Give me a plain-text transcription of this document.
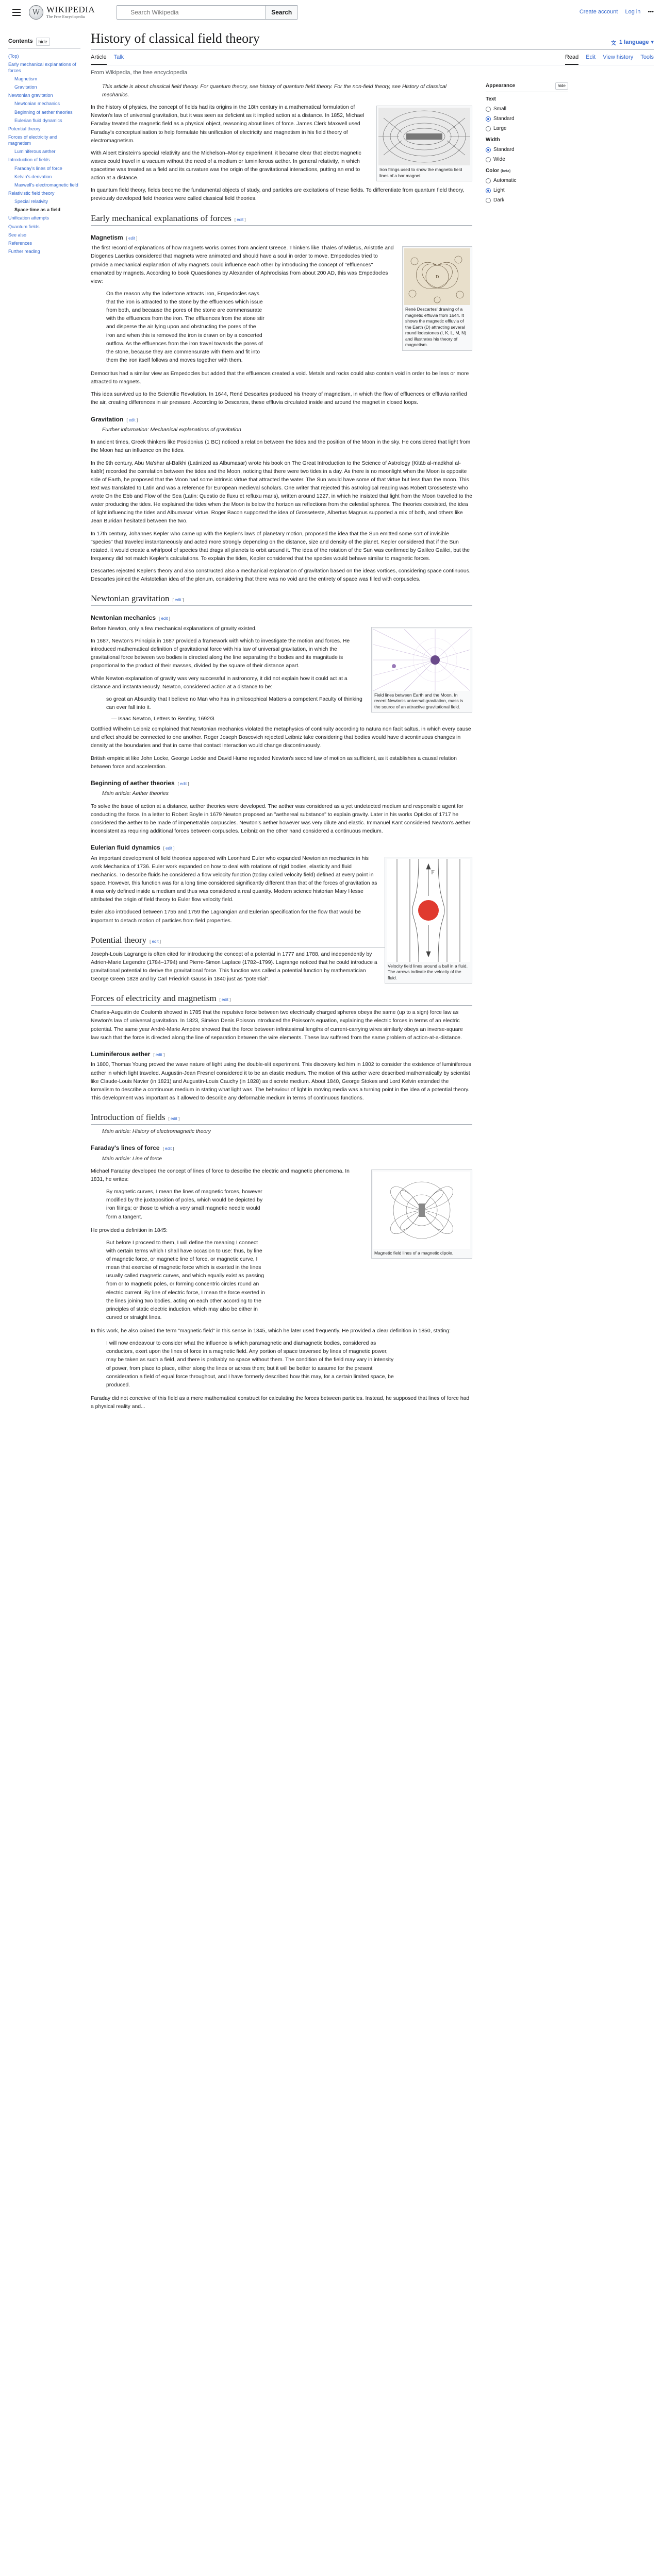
W WIKIPEDIA
The Free Encyclopedia
Search Wikipedia
Search	Create account Log in •••
Contents	hide
(Top)
Early mechanical explanations of forces
Magnetism
Gravitation
Newtonian gravitation
Newtonian mechanics
Beginning of aether theories
Eulerian fluid dynamics
Potential theory
Forces of electricity and magnetism
Luminiferous aether
Introduction of fields
Faraday's lines of force
Kelvin's derivation
Maxwell's electromagnetic field
Relativistic field theory
Special relativity
Space-time as a field
Unification attempts
Quantum fields
See also
References
Further reading
History of classical field theory	文 1 language ▾
Article Talk	Read Edit View history Tools
From Wikipedia, the free encyclopedia
This article is about classical field theory. For quantum theory, see history of quantum field theory. For the non-field theory, see History of classical mechanics.
Iron filings used to show the magnetic field lines of a bar magnet.

In the history of physics, the concept of fields had its origins in the 18th century in a mathematical formulation of Newton's law of universal gravitation, but it was seen as deficient as it implied action at a distance. In 1852, Michael Faraday treated the magnetic field as a physical object, reasoning about lines of force. James Clerk Maxwell used Faraday's conceptualisation to help formulate his unification of electricity and magnetism in his field theory of electromagnetism.

With Albert Einstein's special relativity and the Michelson–Morley experiment, it became clear that electromagnetic waves could travel in a vacuum without the need of a medium or luminiferous aether. In general relativity, in which spacetime was treated as a field and its curvature was the origin of the gravitational interactions, putting an end to action at a distance.

In quantum field theory, fields become the fundamental objects of study, and particles are excitations of these fields. To differentiate from quantum field theory, previously developed field theories were called classical field theories.

Early mechanical explanations of forces [ edit ]
Magnetism [ edit ]
D
René Descartes' drawing of a magnetic effluvia from 1644. It shows the magnetic effluvia of the Earth (D) attracting several round lodestones (I, K, L, M, N) and illustrates his theory of magnetism.

The first record of explanations of how magnets works comes from ancient Greece. Thinkers like Thales of Miletus, Aristotle and Diogenes Laertius considered that magnets were animated and should have a soul in order to move. Empedocles tried to provide a mechanical explanation of why magnets could influence each other by introducing the concept of "effluences" emanated by magnets. According to book Quaestiones by Alexander of Aphrodisias from about 200 AD, this was Empedocles view:

On the reason why the lodestone attracts iron, Empedocles says that the iron is attracted to the stone by the effluences which issue from both, and because the pores of the stone are commensurate with the effluences from the iron. The effluences from the stone stir and disperse the air lying upon and obstructing the pores of the iron and when this is removed the iron is drawn on by a concerted outflow. As the effluences from the iron travel towards the pores of the stone, because they are commensurate with them and fit into them the iron itself follows and moves together with them.

Democritus had a similar view as Empedocles but added that the effluences created a void. Metals and rocks could also contain void in order to be less or more attracted to magnets.

This idea survived up to the Scientific Revolution. In 1644, René Descartes produced his theory of magnetism, in which the flow of effluences or effluvia rarified the air, creating differences in air pressure. According to Descartes, these effluvia circulated inside and around the magnet in closed loops.

Gravitation [ edit ]
Further information: Mechanical explanations of gravitation

In ancient times, Greek thinkers like Posidonius (1 BC) noticed a relation between the tides and the position of the Moon in the sky. He considered that light from the Moon had an influence on the tides.

In the 9th century, Abu Ma'shar al-Balkhi (Latinized as Albumasar) wrote his book on The Great Introduction to the Science of Astrology (Kitāb al-madkhal al-kabīr) recorded the correlation between the tides and the Moon, noticing that there were two tides in a day. As there is no moonlight when the Moon is opposite side of Earth, he proposed that the Moon had some intrinsic virtue that attracted the water. The Sun would have some of that virtue but less than the moon. This text was translated to Latin and was a reference for European medieval scholars. One writer that rejected this astrological reading was Robert Grosseteste who wrote On the Ebb and Flow of the Sea (Latin: Questio de fluxu et refluxu maris), written around 1227, in which he insisted that light from the Moon travelled to the water producing the tides. He explained the tides when the Moon is below the horizon as reflections from the celestial spheres. The theories coexisted, the idea of light influencing the tides and Albumasar' virtue. Roger Bacon supported the idea of Grosseteste, Albertus Magnus supported a mix of both, and others like Jean Buridan hesitated between the two.

In 17th century, Johannes Kepler who came up with the Kepler's laws of planetary motion, proposed the idea that the Sun emitted some sort of invisible "species" that traveled instantaneously and acted more strongly depending on the distance, size and density of the planet. Kepler considered that if the Sun rotated, it would create a whirlpool of species that drags all planets to orbit around it. The idea of the rotation of the Sun was confirmed by Galileo Galilei, but the frequency did not match Kepler's calculations. To explain the tides, Kepler considered that the species would behave similar to magnetic forces.

Descartes rejected Kepler's theory and also constructed also a mechanical explanation of gravitation based on the ideas vortices, considering space continuous. Descartes joined the Aristotelian idea of the plenum, considering that there was no void and the entirety of space was filled with corpuscles.

Newtonian gravitation [ edit ]
Newtonian mechanics [ edit ]
Field lines between Earth and the Moon. In recent Newton's universal gravitation, mass is the source of an attractive gravitational field.

Before Newton, only a few mechanical explanations of gravity existed.

In 1687, Newton's Principia in 1687 provided a framework with which to investigate the motion and forces. He introduced mathematical definition of gravitational force with his law of universal gravitation, in which the gravitational force between two bodies is directed along the line separating the bodies and its magnitude is proportional to the product of their masses, divided by the square of their distance apart.

While Newton explanation of gravity was very successful in astronomy, it did not explain how it could act at a distance and instantaneously. Newton, considered action at a distance to be:

so great an Absurdity that I believe no Man who has in philosophical Matters a competent Faculty of thinking can ever fall into it.
— Isaac Newton, Letters to Bentley, 1692/3

Gottfried Wilhelm Leibniz complained that Newtonian mechanics violated the metaphysics of continuity according to natura non facit saltus, in which every cause and effect should be connected to one another. Roger Joseph Boscovich rejected Leibniz take considering that bodies would have discontinuous changes in density at the boundaries and that in came that contact interaction would change discontinuously.

British empiricist like John Locke, George Lockie and David Hume regarded Newton's second law of motion as sufficient, as it establishes a causal relation between force and acceleration.

Beginning of aether theories [ edit ]
Main article: Aether theories

To solve the issue of action at a distance, aether theories were developed. The aether was considered as a yet undetected medium and responsible agent for conducting the force. In a letter to Robert Boyle in 1679 Newton proposed an "aethereal substance" to explain gravity. Later in his works Opticks of 1717 he considered the aether to be made of impenetrable corpuscles. Newton's aether however was very dilute and elastic. Immanuel Kant considered Newton's aether inconsistent as requiring additional forces between corpuscles. Leibniz on the other hand considered a continuous medium.

Eulerian fluid dynamics [ edit ]
F
Velocity field lines around a ball in a fluid. The arrows indicate the velocity of the fluid.

An important development of field theories appeared with Leonhard Euler who expanded Newtonian mechanics in his work Mechanica of 1736. Euler work expanded on how to deal with rotations of rigid bodies, elasticity and fluid mechanics. To describe fluids he considered a flow velocity function (today called velocity field) defined at every point in space. However, this function was for a long time considered significantly different than that of the forces of gravitation as it was only defined inside a medium and thus was considered a real quantity. Modern science historian Mary Hesse attributed the origin of field theory to Euler flow velocity field.

Euler also introduced between 1755 and 1759 the Lagrangian and Eulerian specification for the flow that would be important to detach motion of particles from field properties.

Potential theory [ edit ]

Joseph-Louis Lagrange is often cited for introducing the concept of a potential in 1777 and 1788, and independently by Adrien-Marie Legendre (1784–1794) and Pierre-Simon Laplace (1782–1799). Lagrange noticed that he could introduce a gravitational potential to derive the gravitational force. This function was called a potential function by mathematician George Green 1828 and by Carl Friedrich Gauss in 1840 just as "potential".

Forces of electricity and magnetism [ edit ]

Charles-Augustin de Coulomb showed in 1785 that the repulsive force between two electrically charged spheres obeys the same (up to a sign) force law as Newton's law of universal gravitation. In 1823, Siméon Denis Poisson introduced the Poisson's equation, explaining the electric forces in terms of an electric potential. The same year André-Marie Ampère showed that the force between infinitesimal lengths of current-carrying wires similarly obeys an inverse-square law such that the force is directed along the line of separation between the wire elements. These law suffered from the same problem of action-at-a-distance.

Luminiferous aether [ edit ]

In 1800, Thomas Young proved the wave nature of light using the double-slit experiment. This discovery led him in 1802 to consider the existence of luminiferous aether in which light traveled. Augustin-Jean Fresnel considered it to be an elastic medium. The motion of this aether were described mathematically by scientist like Claude-Louis Navier (in 1821) and Augustin-Louis Cauchy (in 1828) as discrete medium. About 1840, George Stokes and Lord Kelvin extended the formalism to describe a continuous medium in stating what light was. The behaviour of light in moving media was a turning point in the idea of a potential theory. This development was important as it allowed to describe any deformable medium in terms of continuous functions.

Introduction of fields [ edit ]
Main article: History of electromagnetic theory
Faraday's lines of force [ edit ]
Main article: Line of force
Magnetic field lines of a magnetic dipole.

Michael Faraday developed the concept of lines of force to describe the electric and magnetic phenomena. In 1831, he writes:

By magnetic curves, I mean the lines of magnetic forces, however modified by the juxtaposition of poles, which would be depicted by iron filings; or those to which a very small magnetic needle would form a tangent.

He provided a definition in 1845:

But before I proceed to them, I will define the meaning I connect with certain terms which I shall have occasion to use: thus, by line of magnetic force, or magnetic line of force, or magnetic curve, I mean that exercise of magnetic force which is exerted in the lines usually called magnetic curves, and which equally exist as passing from or to magnetic poles, or forming concentric circles round an electric current. By line of electric force, I mean the force exerted in the lines joining two bodies, acting on each other according to the principles of static electric induction, which may also be either in curved or straight lines.

In this work, he also coined the term "magnetic field" in this sense in 1845, which he later used frequently. He provided a clear definition in 1850, stating:

I will now endeavour to consider what the influence is which paramagnetic and diamagnetic bodies, considered as conductors, exert upon the lines of force in a magnetic field. Any portion of space traversed by lines of magnetic power, may be taken as such a field, and there is probably no space without them. The condition of the field may vary in intensity of power, from place to place, either along the lines or across them; but it will be better to assume for the present consideration a field of equal force throughout, and I have formerly described how this may, for a certain limited space, be produced.

Faraday did not conceive of this field as a mere mathematical construct for calculating the forces between particles. Instead, he supposed that lines of force had a physical reality and...

Appearance	hide
Text
Small
Standard
Large
Width
Standard
Wide
Color (beta)
Automatic
Light
Dark
